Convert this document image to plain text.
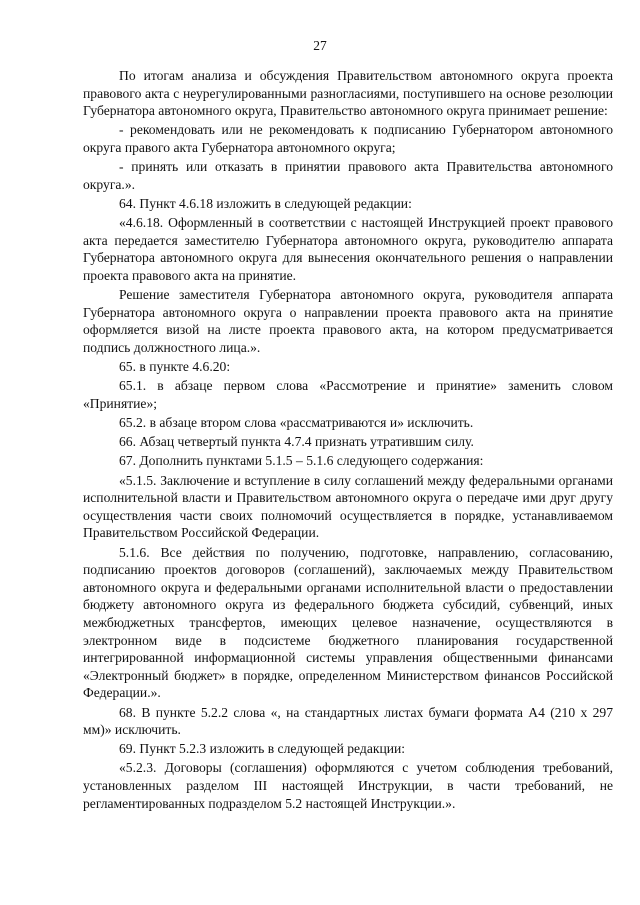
27

По итогам анализа и обсуждения Правительством автономного округа проекта правового акта с неурегулированными разногласиями, поступившего на основе резолюции Губернатора автономного округа, Правительство автономного округа принимает решение:

- рекомендовать или не рекомендовать к подписанию Губернатором автономного округа правого акта Губернатора автономного округа;

- принять или отказать в принятии правового акта Правительства автономного округа.».

64. Пункт 4.6.18 изложить в следующей редакции:

«4.6.18. Оформленный в соответствии с настоящей Инструкцией проект правового акта передается заместителю Губернатора автономного округа, руководителю аппарата Губернатора автономного округа для вынесения окончательного решения о направлении проекта правового акта на принятие.

Решение заместителя Губернатора автономного округа, руководителя аппарата Губернатора автономного округа о направлении проекта правового акта на принятие оформляется визой на листе проекта правового акта, на котором предусматривается подпись должностного лица.».

65. в пункте 4.6.20:

65.1. в абзаце первом слова «Рассмотрение и принятие» заменить словом «Принятие»;

65.2. в абзаце втором слова «рассматриваются и» исключить.

66. Абзац четвертый пункта 4.7.4 признать утратившим силу.

67. Дополнить пунктами 5.1.5 – 5.1.6 следующего содержания:

«5.1.5. Заключение и вступление в силу соглашений между федеральными органами исполнительной власти и Правительством автономного округа о передаче ими друг другу осуществления части своих полномочий осуществляется в порядке, устанавливаемом Правительством Российской Федерации.

5.1.6. Все действия по получению, подготовке, направлению, согласованию, подписанию проектов договоров (соглашений), заключаемых между Правительством автономного округа и федеральными органами исполнительной власти о предоставлении бюджету автономного округа из федерального бюджета субсидий, субвенций, иных межбюджетных трансфертов, имеющих целевое назначение, осуществляются в электронном виде в подсистеме бюджетного планирования государственной интегрированной информационной системы управления общественными финансами «Электронный бюджет» в порядке, определенном Министерством финансов Российской Федерации.».

68. В пункте 5.2.2 слова «, на стандартных листах бумаги формата А4 (210 х 297 мм)» исключить.

69. Пункт 5.2.3 изложить в следующей редакции:

«5.2.3. Договоры (соглашения) оформляются с учетом соблюдения требований, установленных разделом III настоящей Инструкции, в части требований, не регламентированных подразделом 5.2 настоящей Инструкции.».
